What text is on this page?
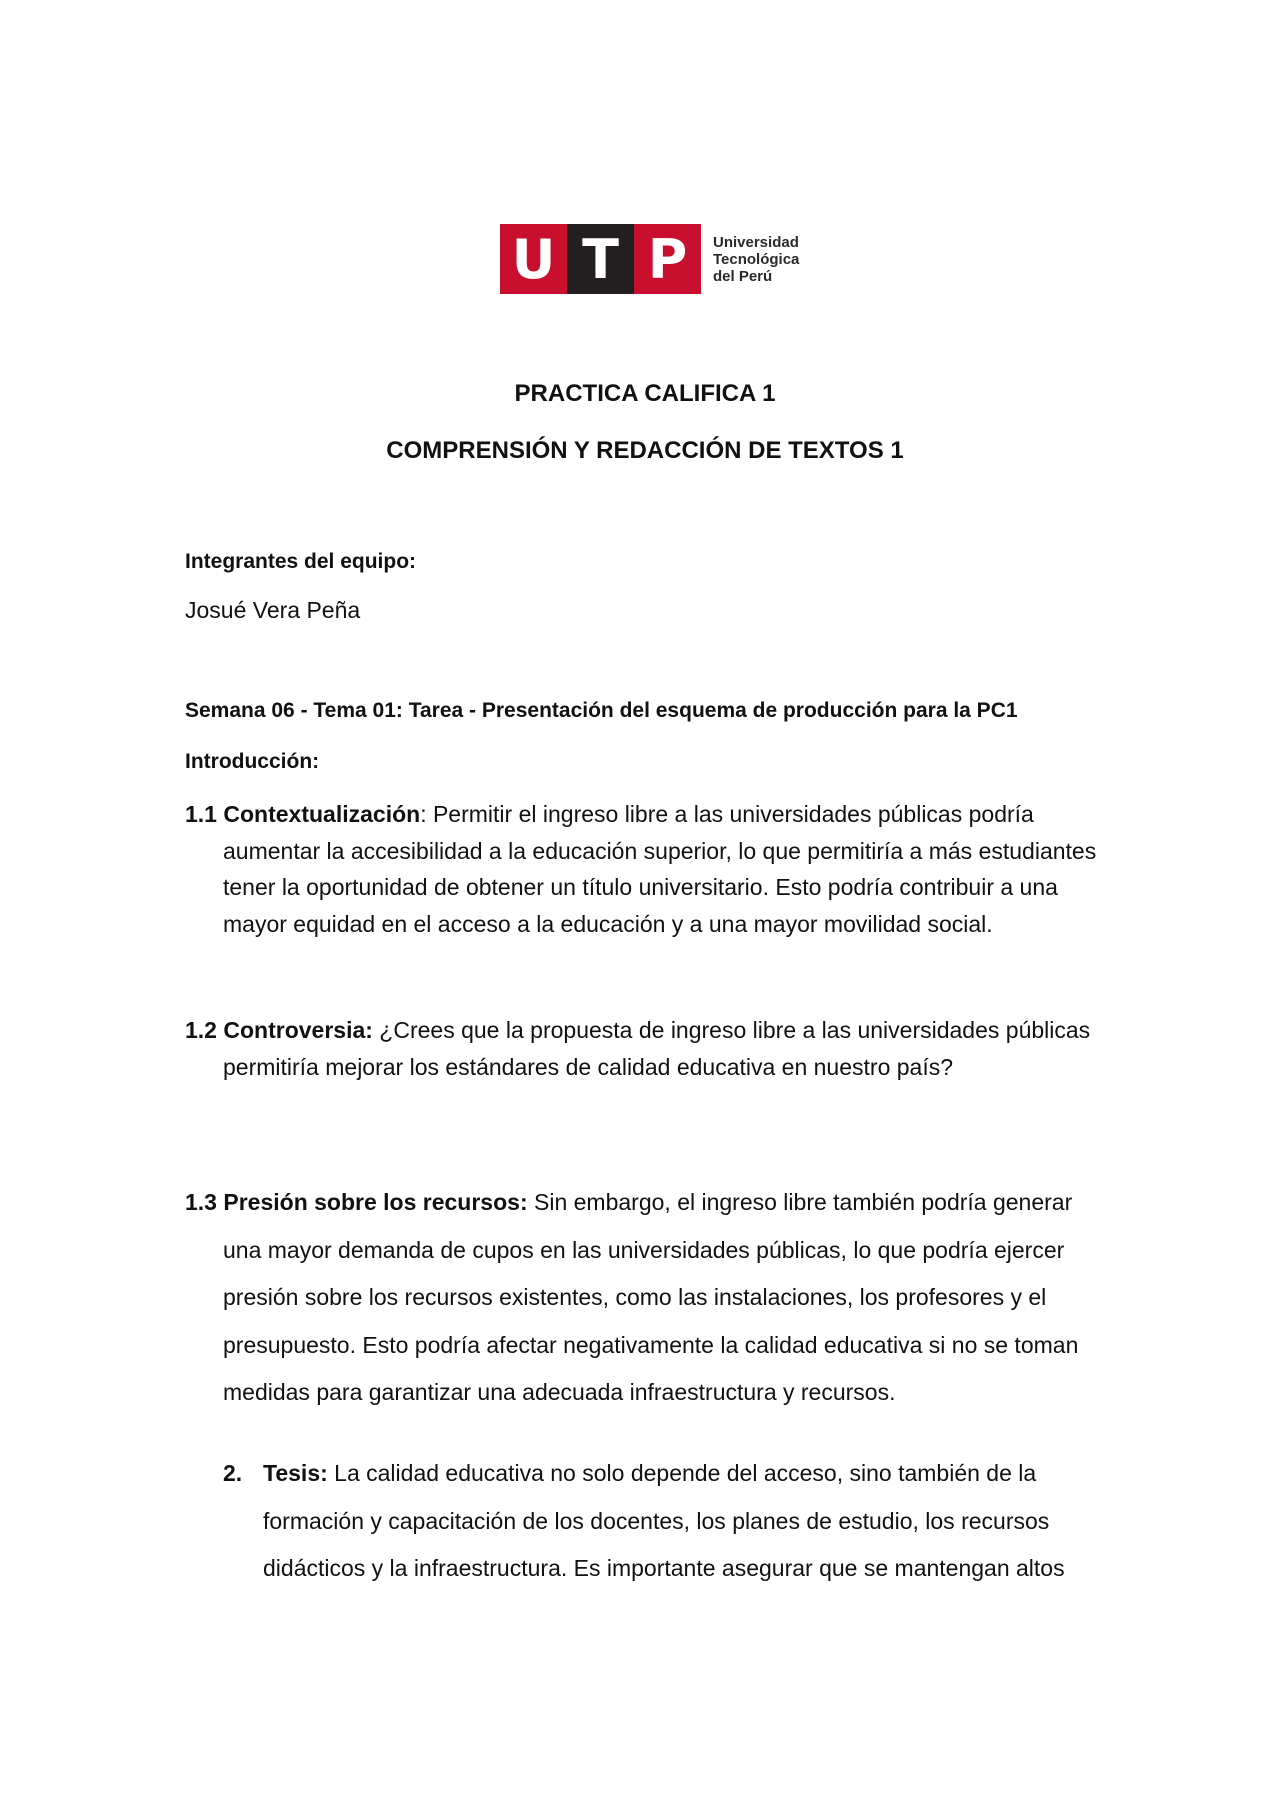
U T P	Universidad
Tecnológica
del Perú
PRACTICA CALIFICA 1
COMPRENSIÓN Y REDACCIÓN DE TEXTOS 1
Integrantes del equipo:
Josué Vera Peña
Semana 06 - Tema 01: Tarea - Presentación del esquema de producción para la PC1
Introducción:
1.1 Contextualización: Permitir el ingreso libre a las universidades públicas podría
aumentar la accesibilidad a la educación superior, lo que permitiría a más estudiantes tener la oportunidad de obtener un título universitario. Esto podría contribuir a una mayor equidad en el acceso a la educación y a una mayor movilidad social.
1.2 Controversia: ¿Crees que la propuesta de ingreso libre a las universidades públicas
permitiría mejorar los estándares de calidad educativa en nuestro país?
1.3 Presión sobre los recursos: Sin embargo, el ingreso libre también podría generar
una mayor demanda de cupos en las universidades públicas, lo que podría ejercer presión sobre los recursos existentes, como las instalaciones, los profesores y el presupuesto. Esto podría afectar negativamente la calidad educativa si no se toman medidas para garantizar una adecuada infraestructura y recursos.
2. Tesis: La calidad educativa no solo depende del acceso, sino también de la formación y capacitación de los docentes, los planes de estudio, los recursos didácticos y la infraestructura. Es importante asegurar que se mantengan altos
